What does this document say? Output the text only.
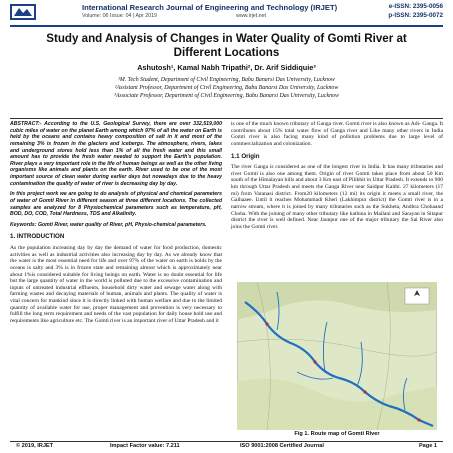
International Research Journal of Engineering and Technology (IRJET)
Volume: 06 Issue: 04 | Apr 2019	www.irjet.net
e-ISSN: 2395-0056
p-ISSN: 2395-0072
Study and Analysis of Changes in Water Quality of Gomti River at Different Locations
Ashutosh¹, Kamal Nabh Tripathi², Dr. Arif Siddiquie³
¹M. Tech Student, Department of Civil Engineering, Babu Banarsi Das University, Lucknow
²Assistant Professor, Department of Civil Engineering, Babu Banarsi Das University, Lucknow
³Associate Professor, Department of Civil Engineering, Babu Banarsi Das University, Lucknow

ABSTRACT:- According to the U.S. Geological Survey, there are over 332,519,000 cubic miles of water on the planet Earth among which 97% of all the water on Earth is held by the oceans and contains heavy composition of salt in it and most of the remaining 3% is frozen in the glaciers and icebergs. The atmosphere, rivers, lakes and underground stores hold less than 1% of all the fresh water and this small amount has to provide the fresh water needed to support the Earth's population. River plays a very important role in the life of human beings as well as the other living organisms like animals and plants on the earth. River used to be one of the most important source of clean water during earlier days but nowadays due to the heavy contamination the quality of water of river is decreasing day by day.

In this project work we are going to do analysis of physical and chemical parameters of water of Gomti River in different season at three different locations. The collected samples are analyzed for 8 Physiochemical parameters such as temperature, pH, BOD, DO, COD, Total Hardness, TDS and Alkalinity.

Keywords: Gomti River, water quality of River, pH, Physio-chemical parameters.

1. INTRODUCTION

As the population increasing day by day the demand of water for food production, domestic activities as well as industrial activities also increasing day by day. As we already know that the water is the most essential need for life and over 97% of the water on earth is holds by the oceans is salty and 3% is in frozen state and remaining almost which is approximately near about 1%is considered suitable for living beings on earth. Water is no doubt essential for life but the large quantity of water in the world is polluted due to the excessive contamination and inputs of untreated industrial effluents, household dirty water and sewage water along with farming wastes and decaying materials of human, animals and plants. The quality of water is vital concern for mankind since it is directly linked with human welfare and due to the limited quantity of available water for use, proper management and prevention is very necessary to fulfill the long term requirement and needs of the vast population for daily house hold use and requirements like agriculture etc. The Gomti river is an important river of Uttar Pradesh and it

is one of the much known tributary of Ganga river. Gomti river is also known as Adi- Ganga. It contributes about 15% total water flow of Ganga river and Like many other rivers in India Gomti river is also facing many kind of pollution problems due to large level of commercialization and colonization.

1.1 Origin

The river Ganga is considered as one of the longest river in India. It has many tributaries and river Gomti is also one among them. Origin of river Gomti takes place from about 50 Km south of the Himalayan hills and about 3 Km east of Pilibhit in Uttar Pradesh. It extends to 900 km through Uttar Pradesh and meets the Ganga River near Saidpur Kaithi. 27 kilometers (17 mi) from Varanasi district. From20 kilometers (12 mi) its origin it meets a small river, the Gaihaaee. Until it reaches Mohammadi Kheri (Lakhimpur district) the Gomti river is in a narrow stream, where it is joined by many tributaries such as the Sukheta, Andhra Chohaand Choha. With the joining of many other tributary like kathina in Mailani and Sarayan in Sitapur district the river is well defined. Near Jaunpur one of the major tributary the Sai River also joins the Gomti river.

Fig 1. Route map of Gomti River
© 2019, IRJET	Impact Factor value: 7.211	ISO 9001:2008 Certified Journal	Page 1
